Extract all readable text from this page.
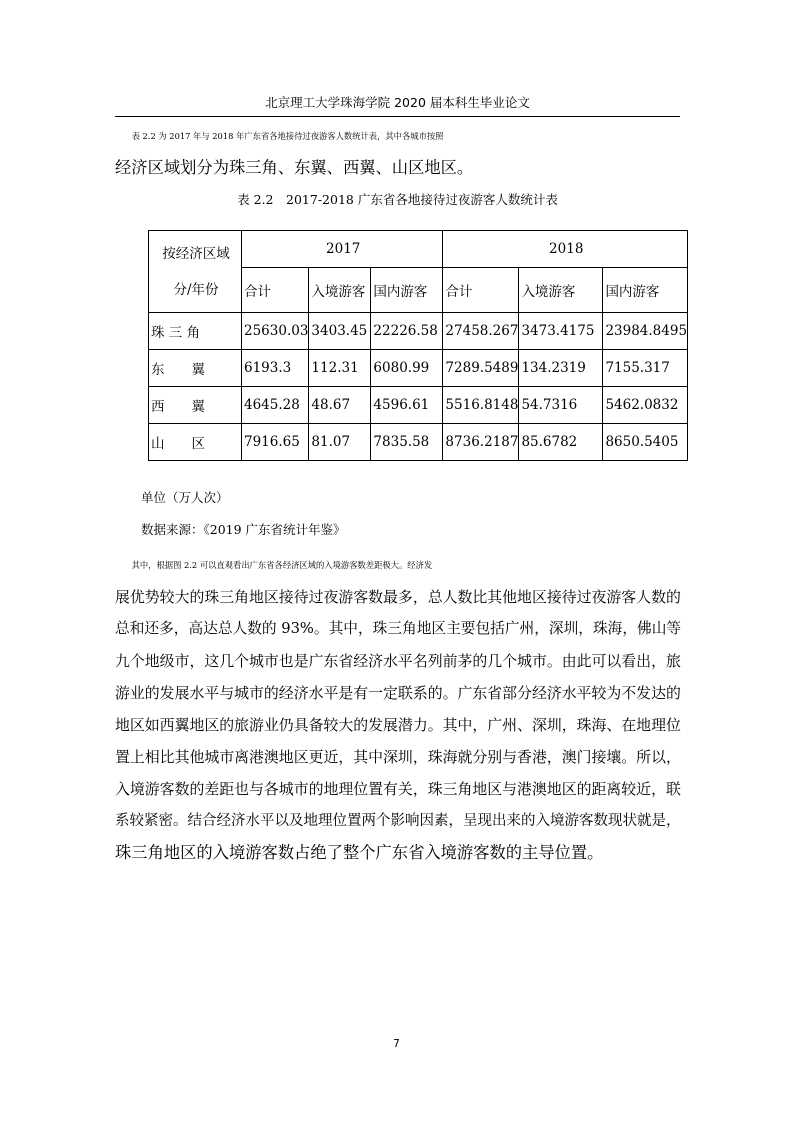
北京理工大学珠海学院 2020 届本科生毕业论文
表 2.2 为 2017 年与 2018 年广东省各地接待过夜游客人数统计表，其中各城市按照
经济区域划分为珠三角、东翼、西翼、山区地区。
表 2.2　2017-2018 广东省各地接待过夜游客人数统计表
按经济区域
分/年份	2017			2018		
	合计	入境游客	国内游客	合计	入境游客	国内游客
珠 三 角	25630.03	3403.45	22226.58	27458.267	3473.4175	23984.8495
东　　翼	6193.3	112.31	6080.99	7289.5489	134.2319	7155.317
西　　翼	4645.28	48.67	4596.61	5516.8148	54.7316	5462.0832
山　　区	7916.65	81.07	7835.58	8736.2187	85.6782	8650.5405
单位（万人次）
数据来源：《2019 广东省统计年鉴》
其中，根据图 2.2 可以直观看出广东省各经济区域的入境游客数差距极大。经济发
展优势较大的珠三角地区接待过夜游客数最多，总人数比其他地区接待过夜游客人数的
总和还多，高达总人数的 93%。其中，珠三角地区主要包括广州，深圳，珠海，佛山等
九个地级市，这几个城市也是广东省经济水平名列前茅的几个城市。由此可以看出，旅
游业的发展水平与城市的经济水平是有一定联系的。广东省部分经济水平较为不发达的
地区如西翼地区的旅游业仍具备较大的发展潜力。其中，广州、深圳，珠海、在地理位
置上相比其他城市离港澳地区更近，其中深圳，珠海就分别与香港，澳门接壤。所以，
入境游客数的差距也与各城市的地理位置有关，珠三角地区与港澳地区的距离较近，联
系较紧密。结合经济水平以及地理位置两个影响因素，呈现出来的入境游客数现状就是，
珠三角地区的入境游客数占绝了整个广东省入境游客数的主导位置。
7
